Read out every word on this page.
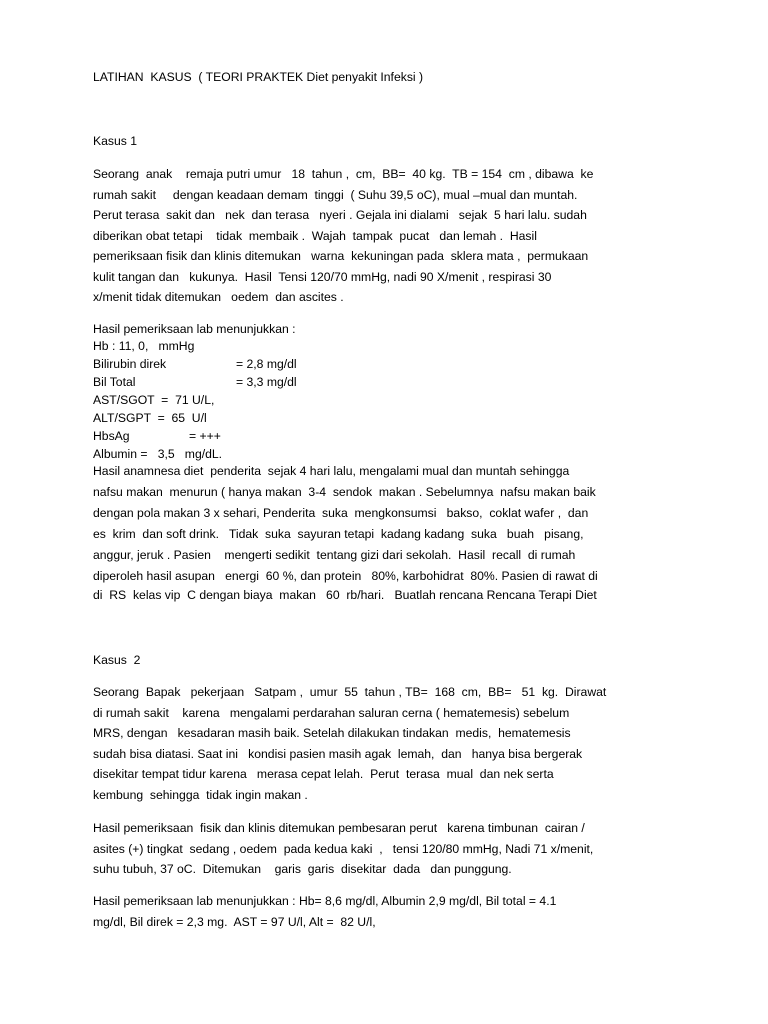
LATIHAN  KASUS  ( TEORI PRAKTEK Diet penyakit Infeksi )
Kasus 1
Seorang  anak    remaja putri umur   18  tahun ,  cm,  BB=  40 kg.  TB = 154  cm , dibawa  ke
rumah sakit     dengan keadaan demam  tinggi  ( Suhu 39,5 oC), mual –mual dan muntah.
Perut terasa  sakit dan   nek  dan terasa   nyeri . Gejala ini dialami   sejak  5 hari lalu. sudah
diberikan obat tetapi    tidak  membaik .  Wajah  tampak  pucat   dan lemah .  Hasil
pemeriksaan fisik dan klinis ditemukan   warna  kekuningan pada  sklera mata ,  permukaan
kulit tangan dan   kukunya.  Hasil  Tensi 120/70 mmHg, nadi 90 X/menit , respirasi 30
x/menit tidak ditemukan   oedem  dan ascites .
Hasil pemeriksaan lab menunjukkan :
Hb : 11, 0,   mmHg
Bilirubin direk	= 2,8 mg/dl
Bil Total	= 3,3 mg/dl
AST/SGOT  =  71 U/L,
ALT/SGPT  =  65  U/l
HbsAg	= +++
Albumin =   3,5   mg/dL.
Hasil anamnesa diet  penderita  sejak 4 hari lalu, mengalami mual dan muntah sehingga
nafsu makan  menurun ( hanya makan  3-4  sendok  makan . Sebelumnya  nafsu makan baik
dengan pola makan 3 x sehari, Penderita  suka  mengkonsumsi   bakso,  coklat wafer ,  dan
es  krim  dan soft drink.   Tidak  suka  sayuran tetapi  kadang kadang  suka   buah   pisang,
anggur, jeruk . Pasien    mengerti sedikit  tentang gizi dari sekolah.  Hasil  recall  di rumah
diperoleh hasil asupan   energi  60 %, dan protein   80%, karbohidrat  80%. Pasien di rawat di
di  RS  kelas vip  C dengan biaya  makan   60  rb/hari.   Buatlah rencana Rencana Terapi Diet
Kasus  2
Seorang  Bapak   pekerjaan   Satpam ,  umur  55  tahun , TB=  168  cm,  BB=   51  kg.  Dirawat
di rumah sakit    karena   mengalami perdarahan saluran cerna ( hematemesis) sebelum
MRS, dengan   kesadaran masih baik. Setelah dilakukan tindakan  medis,  hematemesis
sudah bisa diatasi. Saat ini   kondisi pasien masih agak  lemah,  dan   hanya bisa bergerak
disekitar tempat tidur karena   merasa cepat lelah.  Perut  terasa  mual  dan nek serta
kembung  sehingga  tidak ingin makan .
Hasil pemeriksaan  fisik dan klinis ditemukan pembesaran perut   karena timbunan  cairan /
asites (+) tingkat  sedang , oedem  pada kedua kaki  ,   tensi 120/80 mmHg, Nadi 71 x/menit,
suhu tubuh, 37 oC.  Ditemukan    garis  garis  disekitar  dada   dan punggung.
Hasil pemeriksaan lab menunjukkan : Hb= 8,6 mg/dl, Albumin 2,9 mg/dl, Bil total = 4.1
mg/dl, Bil direk = 2,3 mg.  AST = 97 U/l, Alt =  82 U/l,
